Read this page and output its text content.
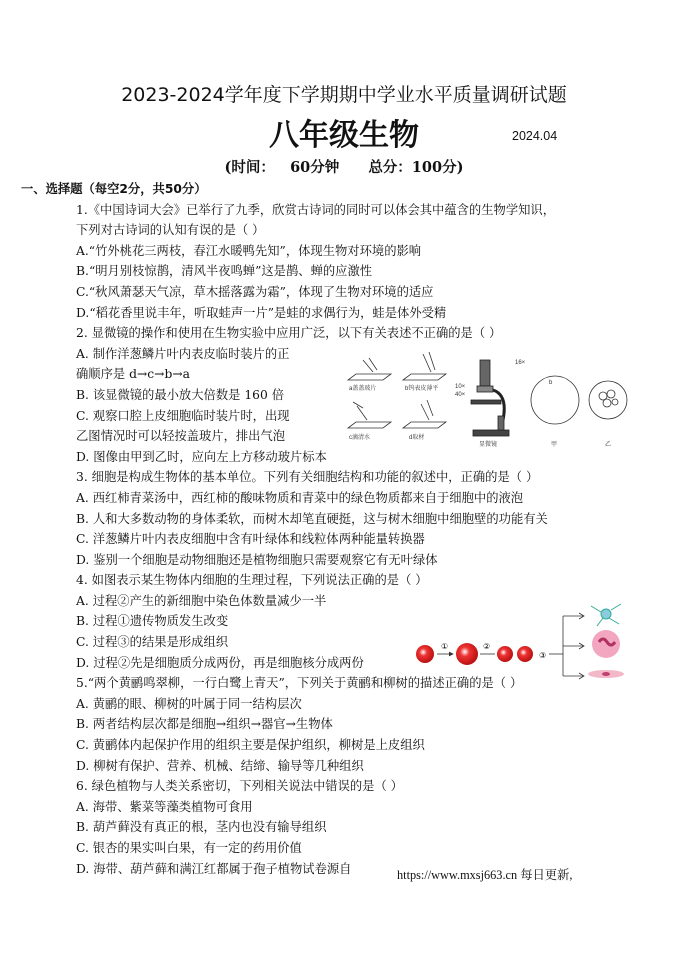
2023-2024学年度下学期期中学业水平质量调研试题
八年级生物	2024.04
(时间： 60分钟 总分：100分)
一、选择题（每空2分，共50分）
1.《中国诗词大会》已举行了九季，欣赏古诗词的同时可以体会其中蕴含的生物学知识，
下列对古诗词的认知有误的是（ ）
A.“竹外桃花三两枝，春江水暖鸭先知”，体现生物对环境的影响
B.“明月别枝惊鹊，清风半夜鸣蝉”这是鹊、蝉的应激性
C.“秋风萧瑟天气凉，草木摇落露为霜”，体现了生物对环境的适应
D.“稻花香里说丰年，听取蛙声一片”是蛙的求偶行为，蛙是体外受精
2. 显微镜的操作和使用在生物实验中应用广泛，以下有关表述不正确的是（ ）
A. 制作洋葱鳞片叶内表皮临时装片的正
确顺序是 d→c→b→a
B. 该显微镜的最小放大倍数是 160 倍
C. 观察口腔上皮细胞临时装片时，出现
乙图情况时可以轻按盖玻片，排出气泡
D. 图像由甲到乙时，应向左上方移动玻片标本
3. 细胞是构成生物体的基本单位。下列有关细胞结构和功能的叙述中，正确的是（ ）
A. 西红柿青菜汤中，西红柿的酸味物质和青菜中的绿色物质都来自于细胞中的液泡
B. 人和大多数动物的身体柔软，而树木却笔直硬挺，这与树木细胞中细胞壁的功能有关
C. 洋葱鳞片叶内表皮细胞中含有叶绿体和线粒体两种能量转换器
D. 鉴别一个细胞是动物细胞还是植物细胞只需要观察它有无叶绿体
4. 如图表示某生物体内细胞的生理过程，下列说法正确的是（ ）
A. 过程②产生的新细胞中染色体数量减少一半
B. 过程①遗传物质发生改变
C. 过程③的结果是形成组织
D. 过程②先是细胞质分成两份，再是细胞核分成两份
5.“两个黄鹂鸣翠柳，一行白鹭上青天”，下列关于黄鹂和柳树的描述正确的是（ ）
A. 黄鹂的眼、柳树的叶属于同一结构层次
B. 两者结构层次都是细胞→组织→器官→生物体
C. 黄鹂体内起保护作用的组织主要是保护组织，柳树是上皮组织
D. 柳树有保护、营养、机械、结缔、输导等几种组织
6. 绿色植物与人类关系密切，下列相关说法中错误的是（ ）
A. 海带、紫菜等藻类植物可食用
B. 葫芦藓没有真正的根，茎内也没有输导组织
C. 银杏的果实叫白果，有一定的药用价值
D. 海带、葫芦藓和满江红都属于孢子植物试卷源自	https://www.mxsj663.cn 每日更新,
a盖盖玻片	b钨表皮薄平
c滴清水	d取材
16×
10×
40×
显微镜
b
甲	乙
①	②
③
